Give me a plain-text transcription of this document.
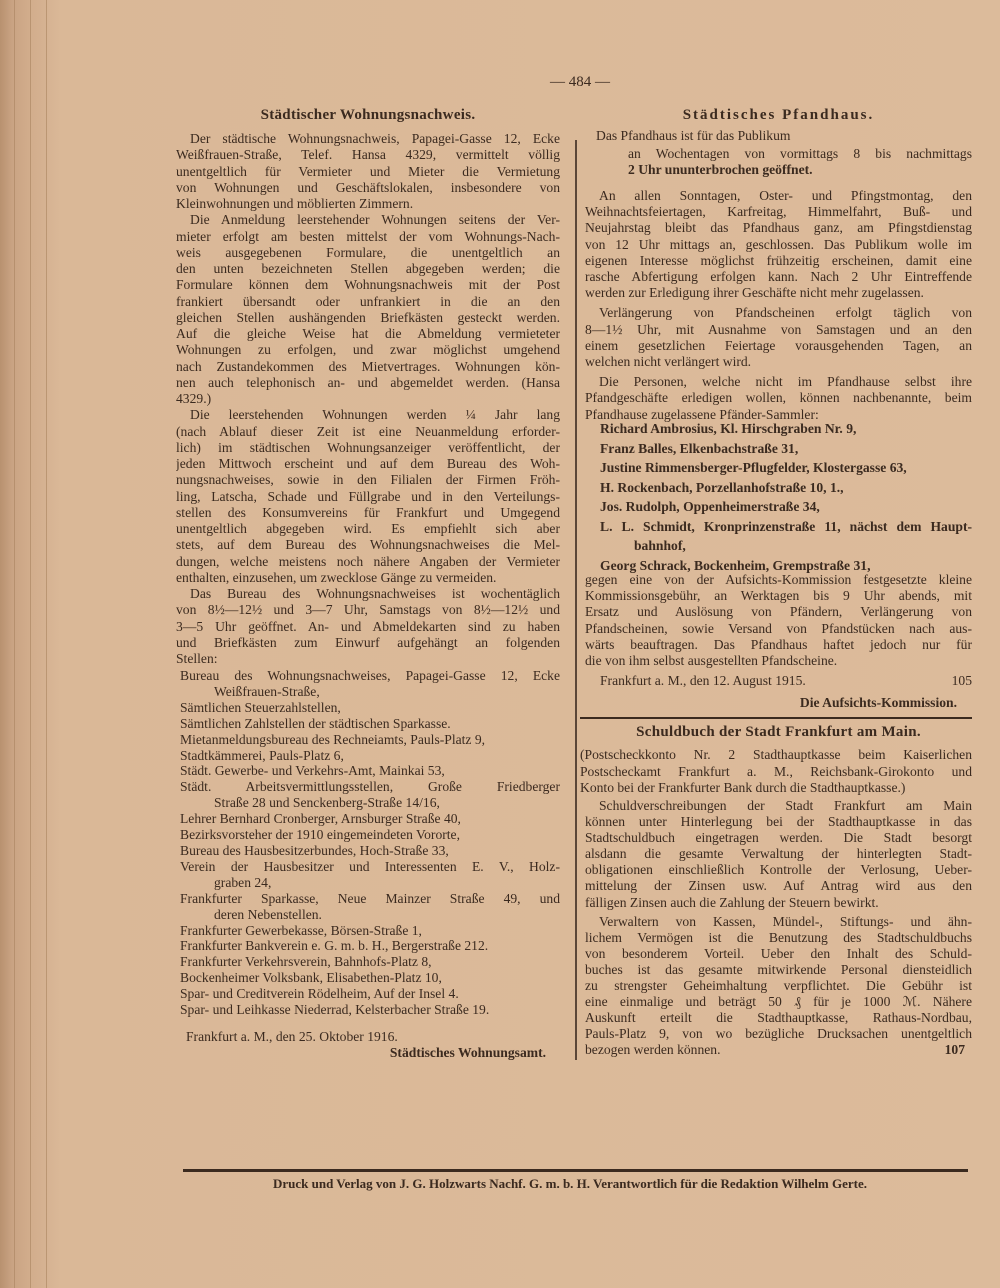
— 484 —
Städtischer Wohnungsnachweis.
Der städtische Wohnungsnachweis, Papagei-Gasse 12, Ecke
Weißfrauen-Straße, Telef. Hansa 4329, vermittelt völlig
unentgeltlich für Vermieter und Mieter die Vermietung
von Wohnungen und Geschäftslokalen, insbesondere von
Kleinwohnungen und möblierten Zimmern.
Die Anmeldung leerstehender Wohnungen seitens der Ver-
mieter erfolgt am besten mittelst der vom Wohnungs-Nach-
weis ausgegebenen Formulare, die unentgeltlich an
den unten bezeichneten Stellen abgegeben werden; die
Formulare können dem Wohnungsnachweis mit der Post
frankiert übersandt oder unfrankiert in die an den
gleichen Stellen aushängenden Briefkästen gesteckt werden.
Auf die gleiche Weise hat die Abmeldung vermieteter
Wohnungen zu erfolgen, und zwar möglichst umgehend
nach Zustandekommen des Mietvertrages. Wohnungen kön-
nen auch telephonisch an- und abgemeldet werden. (Hansa
4329.)
Die leerstehenden Wohnungen werden ¼ Jahr lang
(nach Ablauf dieser Zeit ist eine Neuanmeldung erforder-
lich) im städtischen Wohnungsanzeiger veröffentlicht, der
jeden Mittwoch erscheint und auf dem Bureau des Woh-
nungsnachweises, sowie in den Filialen der Firmen Fröh-
ling, Latscha, Schade und Füllgrabe und in den Verteilungs-
stellen des Konsumvereins für Frankfurt und Umgegend
unentgeltlich abgegeben wird. Es empfiehlt sich aber
stets, auf dem Bureau des Wohnungsnachweises die Mel-
dungen, welche meistens noch nähere Angaben der Vermieter
enthalten, einzusehen, um zwecklose Gänge zu vermeiden.
Das Bureau des Wohnungsnachweises ist wochentäglich
von 8½—12½ und 3—7 Uhr, Samstags von 8½—12½ und
3—5 Uhr geöffnet. An- und Abmeldekarten sind zu haben
und Briefkästen zum Einwurf aufgehängt an folgenden
Stellen:
Bureau des Wohnungsnachweises, Papagei-Gasse 12, Ecke
Weißfrauen-Straße,
Sämtlichen Steuerzahlstellen,
Sämtlichen Zahlstellen der städtischen Sparkasse.
Mietanmeldungsbureau des Rechneiamts, Pauls-Platz 9,
Stadtkämmerei, Pauls-Platz 6,
Städt. Gewerbe- und Verkehrs-Amt, Mainkai 53,
Städt. Arbeitsvermittlungsstellen, Große Friedberger
Straße 28 und Senckenberg-Straße 14/16,
Lehrer Bernhard Cronberger, Arnsburger Straße 40,
Bezirksvorsteher der 1910 eingemeindeten Vororte,
Bureau des Hausbesitzerbundes, Hoch-Straße 33,
Verein der Hausbesitzer und Interessenten E. V., Holz-
graben 24,
Frankfurter Sparkasse, Neue Mainzer Straße 49, und
deren Nebenstellen.
Frankfurter Gewerbekasse, Börsen-Straße 1,
Frankfurter Bankverein e. G. m. b. H., Bergerstraße 212.
Frankfurter Verkehrsverein, Bahnhofs-Platz 8,
Bockenheimer Volksbank, Elisabethen-Platz 10,
Spar- und Creditverein Rödelheim, Auf der Insel 4.
Spar- und Leihkasse Niederrad, Kelsterbacher Straße 19.
Frankfurt a. M., den 25. Oktober 1916.
Städtisches Wohnungsamt.
Städtisches Pfandhaus.
Das Pfandhaus ist für das Publikum
an Wochentagen von vormittags 8 bis nachmittags
2 Uhr ununterbrochen geöffnet.
An allen Sonntagen, Oster- und Pfingstmontag, den
Weihnachtsfeiertagen, Karfreitag, Himmelfahrt, Buß- und
Neujahrstag bleibt das Pfandhaus ganz, am Pfingstdienstag
von 12 Uhr mittags an, geschlossen. Das Publikum wolle im
eigenen Interesse möglichst frühzeitig erscheinen, damit eine
rasche Abfertigung erfolgen kann. Nach 2 Uhr Eintreffende
werden zur Erledigung ihrer Geschäfte nicht mehr zugelassen.
Verlängerung von Pfandscheinen erfolgt täglich von
8—1½ Uhr, mit Ausnahme von Samstagen und an den
einem gesetzlichen Feiertage vorausgehenden Tagen, an
welchen nicht verlängert wird.
Die Personen, welche nicht im Pfandhause selbst ihre
Pfandgeschäfte erledigen wollen, können nachbenannte, beim
Pfandhause zugelassene Pfänder-Sammler:
Richard Ambrosius, Kl. Hirschgraben Nr. 9,
Franz Balles, Elkenbachstraße 31,
Justine Rimmensberger-Pflugfelder, Klostergasse 63,
H. Rockenbach, Porzellanhofstraße 10, 1.,
Jos. Rudolph, Oppenheimerstraße 34,
L. L. Schmidt, Kronprinzenstraße 11, nächst dem Haupt-
bahnhof,
Georg Schrack, Bockenheim, Grempstraße 31,
gegen eine von der Aufsichts-Kommission festgesetzte kleine
Kommissionsgebühr, an Werktagen bis 9 Uhr abends, mit
Ersatz und Auslösung von Pfändern, Verlängerung von
Pfandscheinen, sowie Versand von Pfandstücken nach aus-
wärts beauftragen. Das Pfandhaus haftet jedoch nur für
die von ihm selbst ausgestellten Pfandscheine.
Frankfurt a. M., den 12. August 1915.	105
Die Aufsichts-Kommission.
Schuldbuch der Stadt Frankfurt am Main.
(Postscheckkonto Nr. 2 Stadthauptkasse beim Kaiserlichen
Postscheckamt Frankfurt a. M., Reichsbank-Girokonto und
Konto bei der Frankfurter Bank durch die Stadthauptkasse.)
Schuldverschreibungen der Stadt Frankfurt am Main
können unter Hinterlegung bei der Stadthauptkasse in das
Stadtschuldbuch eingetragen werden. Die Stadt besorgt
alsdann die gesamte Verwaltung der hinterlegten Stadt-
obligationen einschließlich Kontrolle der Verlosung, Ueber-
mittelung der Zinsen usw. Auf Antrag wird aus den
fälligen Zinsen auch die Zahlung der Steuern bewirkt.
Verwaltern von Kassen, Mündel-, Stiftungs- und ähn-
lichem Vermögen ist die Benutzung des Stadtschuldbuchs
von besonderem Vorteil. Ueber den Inhalt des Schuld-
buches ist das gesamte mitwirkende Personal diensteidlich
zu strengster Geheimhaltung verpflichtet. Die Gebühr ist
eine einmalige und beträgt 50 ₰ für je 1000 ℳ. Nähere
Auskunft erteilt die Stadthauptkasse, Rathaus-Nordbau,
Pauls-Platz 9, von wo bezügliche Drucksachen unentgeltlich
bezogen werden können.	107
Druck und Verlag von J. G. Holzwarts Nachf. G. m. b. H. Verantwortlich für die Redaktion Wilhelm Gerte.
